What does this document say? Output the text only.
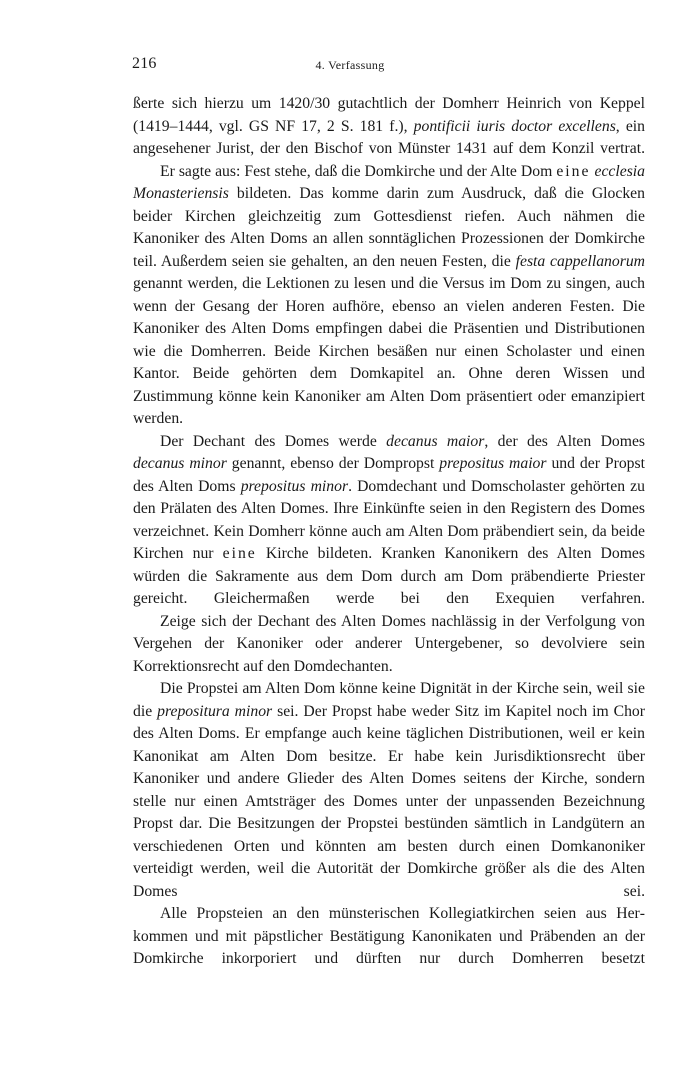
216	4. Verfassung

ßerte sich hierzu um 1420/30 gutachtlich der Domherr Heinrich von Keppel (1419–1444, vgl. GS NF 17, 2 S. 181 f.), pontificii iuris doctor excellens, ein angesehener Jurist, der den Bischof von Münster 1431 auf dem Konzil vertrat.

Er sagte aus: Fest stehe, daß die Domkirche und der Alte Dom eine ecclesia Monasteriensis bildeten. Das komme darin zum Ausdruck, daß die Glocken beider Kirchen gleichzeitig zum Gottesdienst riefen. Auch nähmen die Kanoniker des Alten Doms an allen sonntäglichen Prozessionen der Domkirche teil. Außerdem seien sie gehalten, an den neuen Festen, die festa cappellanorum genannt werden, die Lektionen zu lesen und die Versus im Dom zu singen, auch wenn der Gesang der Horen aufhöre, ebenso an vielen anderen Festen. Die Kanoniker des Alten Doms empfingen dabei die Präsentien und Distributionen wie die Domherren. Beide Kirchen besäßen nur einen Scholaster und einen Kantor. Beide gehörten dem Domkapitel an. Ohne deren Wissen und Zustimmung könne kein Kanoniker am Alten Dom präsentiert oder emanzipiert werden.

Der Dechant des Domes werde decanus maior, der des Alten Domes decanus minor genannt, ebenso der Dompropst prepositus maior und der Propst des Alten Doms prepositus minor. Domdechant und Domscholaster gehörten zu den Prälaten des Alten Domes. Ihre Einkünfte seien in den Registern des Domes verzeichnet. Kein Domherr könne auch am Alten Dom präbendiert sein, da beide Kirchen nur eine Kirche bildeten. Kranken Kanonikern des Alten Domes würden die Sakramente aus dem Dom durch am Dom präbendierte Priester gereicht. Gleichermaßen werde bei den Exequien verfahren.

Zeige sich der Dechant des Alten Domes nachlässig in der Verfolgung von Vergehen der Kanoniker oder anderer Untergebener, so devolviere sein Korrektionsrecht auf den Domdechanten.

Die Propstei am Alten Dom könne keine Dignität in der Kirche sein, weil sie die prepositura minor sei. Der Propst habe weder Sitz im Kapitel noch im Chor des Alten Doms. Er empfange auch keine täglichen Distributionen, weil er kein Kanonikat am Alten Dom besitze. Er habe kein Jurisdiktionsrecht über Kanoniker und andere Glieder des Alten Domes seitens der Kirche, sondern stelle nur einen Amtsträger des Domes unter der unpassenden Bezeichnung Propst dar. Die Besitzungen der Propstei bestünden sämtlich in Landgütern an verschiedenen Orten und könnten am besten durch einen Domkanoniker verteidigt werden, weil die Autorität der Domkirche größer als die des Alten Domes sei.

Alle Propsteien an den münsterischen Kollegiatkirchen seien aus Herkommen und mit päpstlicher Bestätigung Kanonikaten und Präbenden an der Domkirche inkorporiert und dürften nur durch Domherren besetzt
